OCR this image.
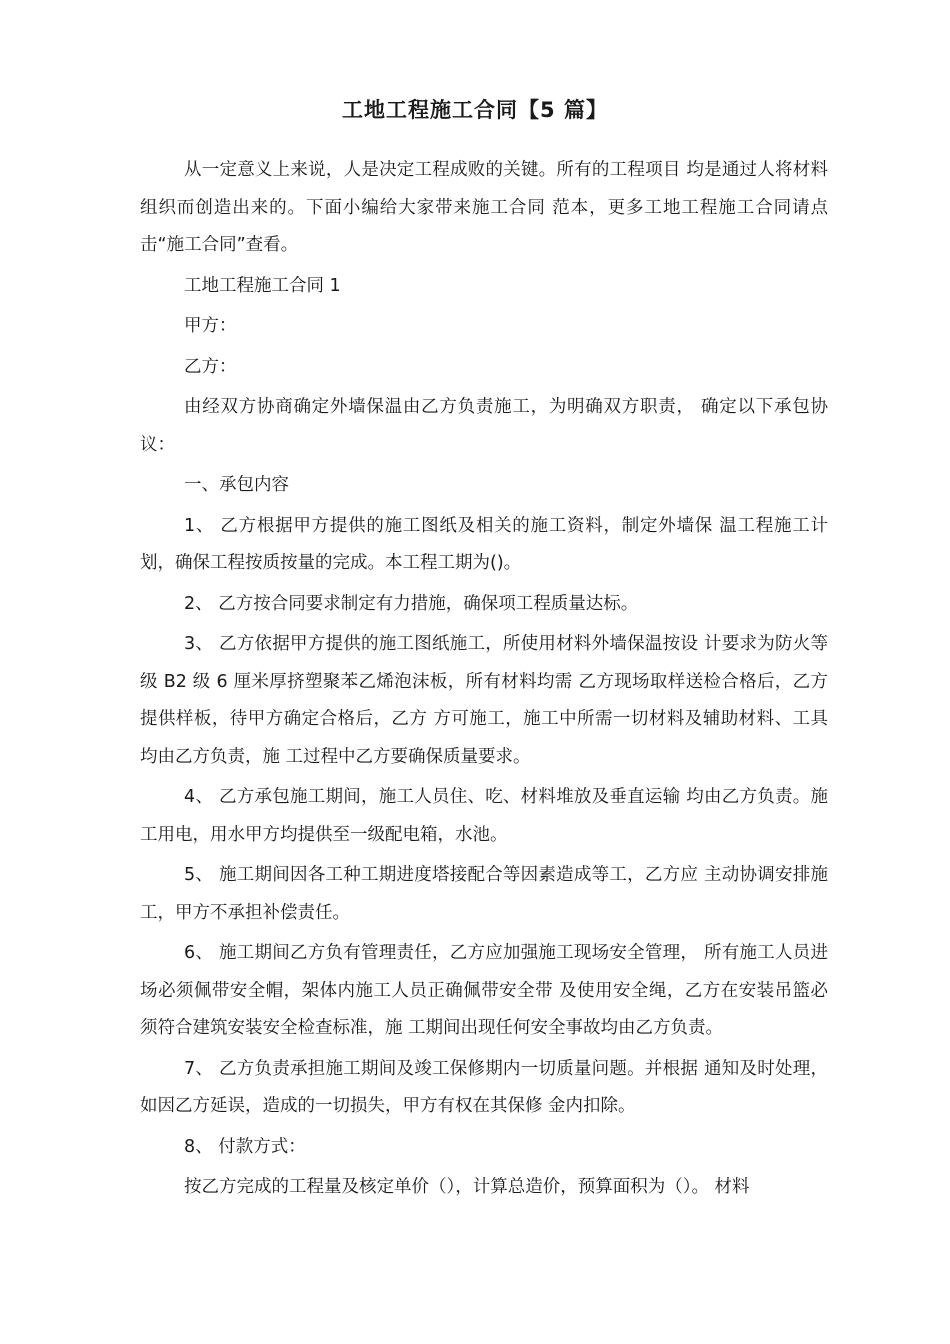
工地工程施工合同【5 篇】

从一定意义上来说，人是决定工程成败的关键。所有的工程项目 均是通过人将材料组织而创造出来的。下面小编给大家带来施工合同 范本，更多工地工程施工合同请点击“施工合同”查看。

工地工程施工合同 1

甲方：

乙方：

由经双方协商确定外墙保温由乙方负责施工，为明确双方职责， 确定以下承包协议：

一、承包内容

1、 乙方根据甲方提供的施工图纸及相关的施工资料，制定外墙保 温工程施工计划，确保工程按质按量的完成。本工程工期为()。

2、 乙方按合同要求制定有力措施，确保项工程质量达标。

3、 乙方依据甲方提供的施工图纸施工，所使用材料外墙保温按设 计要求为防火等级 B2 级 6 厘米厚挤塑聚苯乙烯泡沫板，所有材料均需 乙方现场取样送检合格后，乙方提供样板，待甲方确定合格后，乙方 方可施工，施工中所需一切材料及辅助材料、工具均由乙方负责，施 工过程中乙方要确保质量要求。

4、 乙方承包施工期间，施工人员住、吃、材料堆放及垂直运输 均由乙方负责。施工用电，用水甲方均提供至一级配电箱，水池。

5、 施工期间因各工种工期进度塔接配合等因素造成等工，乙方应 主动协调安排施工，甲方不承担补偿责任。

6、 施工期间乙方负有管理责任，乙方应加强施工现场安全管理， 所有施工人员进场必须佩带安全帽，架体内施工人员正确佩带安全带 及使用安全绳，乙方在安装吊篮必须符合建筑安装安全检查标准，施 工期间出现任何安全事故均由乙方负责。

7、 乙方负责承担施工期间及竣工保修期内一切质量问题。并根据 通知及时处理，如因乙方延误，造成的一切损失，甲方有权在其保修 金内扣除。

8、 付款方式：

按乙方完成的工程量及核定单价（），计算总造价，预算面积为（）。 材料
